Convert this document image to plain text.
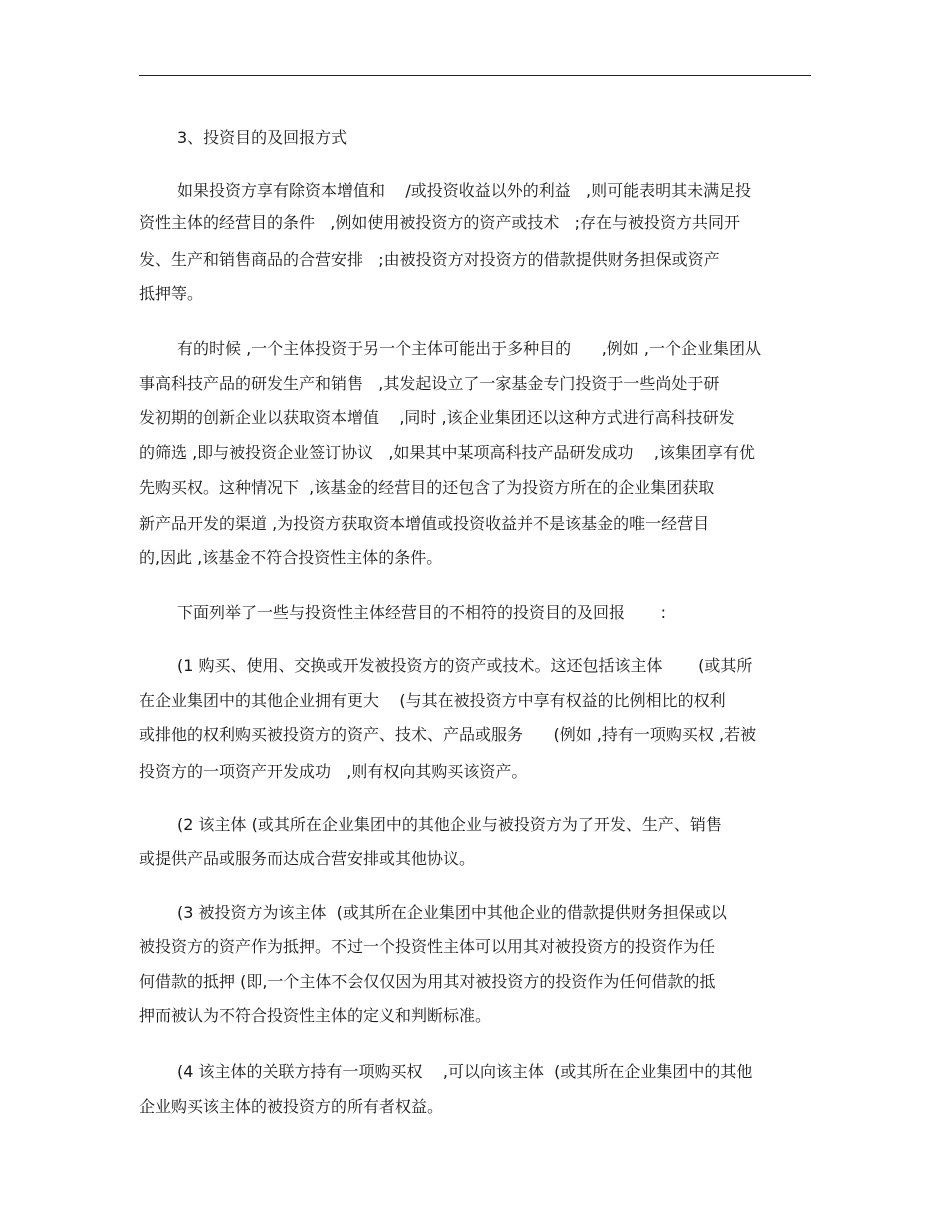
3、投资目的及回报方式
如果投资方享有除资本增值和    /或投资收益以外的利益   ,则可能表明其未满足投
资性主体的经营目的条件   ,例如使用被投资方的资产或技术   ;存在与被投资方共同开
发、生产和销售商品的合营安排   ;由被投资方对投资方的借款提供财务担保或资产
抵押等。
有的时候 ,一个主体投资于另一个主体可能出于多种目的      ,例如 ,一个企业集团从
事高科技产品的研发生产和销售   ,其发起设立了一家基金专门投资于一些尚处于研
发初期的创新企业以获取资本增值    ,同时 ,该企业集团还以这种方式进行高科技研发
的筛选 ,即与被投资企业签订协议   ,如果其中某项高科技产品研发成功    ,该集团享有优
先购买权。这种情况下  ,该基金的经营目的还包含了为投资方所在的企业集团获取
新产品开发的渠道 ,为投资方获取资本增值或投资收益并不是该基金的唯一经营目
的,因此 ,该基金不符合投资性主体的条件。
下面列举了一些与投资性主体经营目的不相符的投资目的及回报       :
(1 购买、使用、交换或开发被投资方的资产或技术。这还包括该主体       (或其所
在企业集团中的其他企业拥有更大    (与其在被投资方中享有权益的比例相比的权利
或排他的权利购买被投资方的资产、技术、产品或服务      (例如 ,持有一项购买权 ,若被
投资方的一项资产开发成功   ,则有权向其购买该资产。
(2 该主体 (或其所在企业集团中的其他企业与被投资方为了开发、生产、销售
或提供产品或服务而达成合营安排或其他协议。
(3 被投资方为该主体  (或其所在企业集团中其他企业的借款提供财务担保或以
被投资方的资产作为抵押。不过一个投资性主体可以用其对被投资方的投资作为任
何借款的抵押 (即,一个主体不会仅仅因为用其对被投资方的投资作为任何借款的抵
押而被认为不符合投资性主体的定义和判断标准。
(4 该主体的关联方持有一项购买权    ,可以向该主体  (或其所在企业集团中的其他
企业购买该主体的被投资方的所有者权益。
